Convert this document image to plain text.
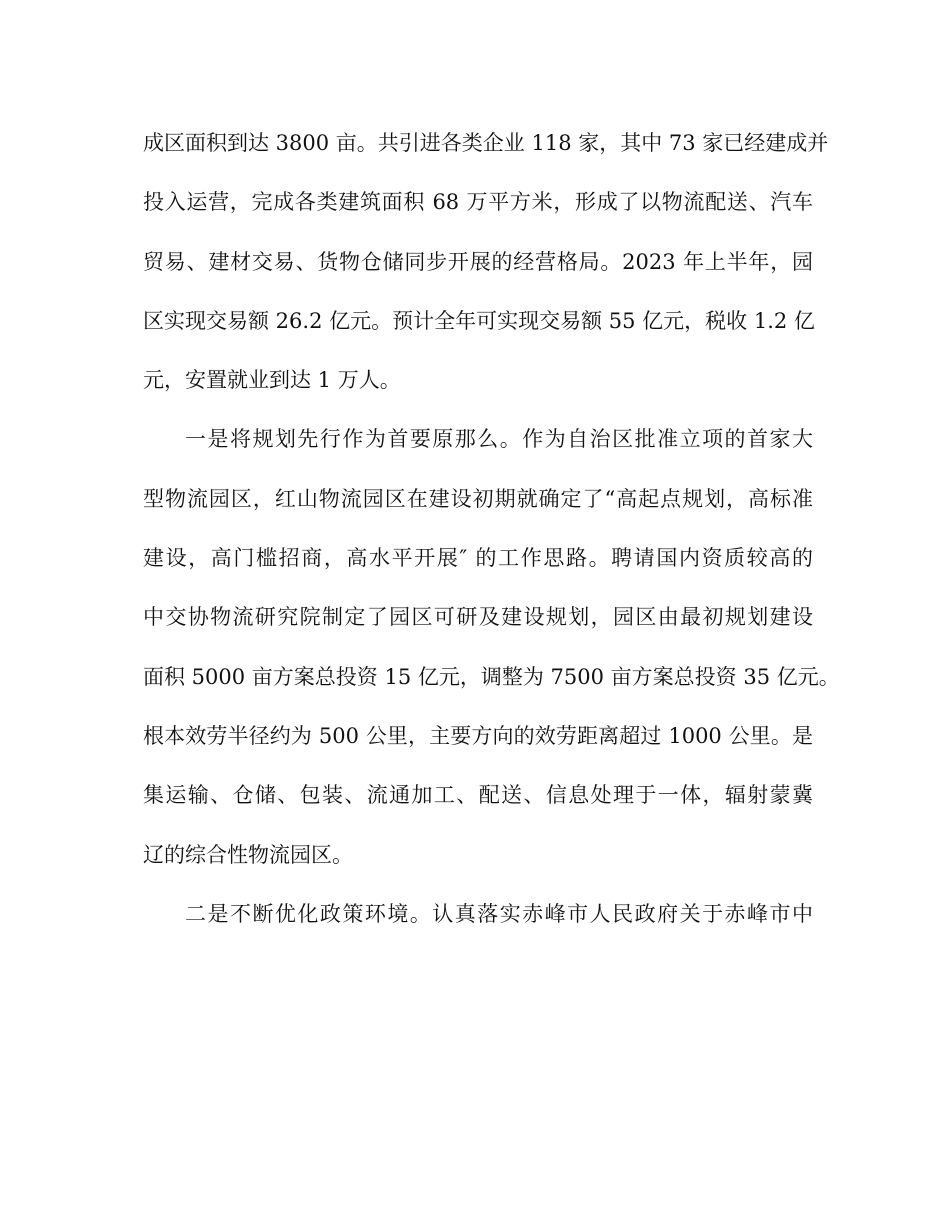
成区面积到达 3800 亩。共引进各类企业 118 家，其中 73 家已经建成并
投入运营，完成各类建筑面积 68 万平方米，形成了以物流配送、汽车
贸易、建材交易、货物仓储同步开展的经营格局。2023 年上半年，园
区实现交易额 26.2 亿元。预计全年可实现交易额 55 亿元，税收 1.2 亿
元，安置就业到达 1 万人。
一是将规划先行作为首要原那么。作为自治区批准立项的首家大
型物流园区，红山物流园区在建设初期就确定了“高起点规划，高标准
建设，高门槛招商，高水平开展″ 的工作思路。聘请国内资质较高的
中交协物流研究院制定了园区可研及建设规划，园区由最初规划建设
面积 5000 亩方案总投资 15 亿元，调整为 7500 亩方案总投资 35 亿元。
根本效劳半径约为 500 公里，主要方向的效劳距离超过 1000 公里。是
集运输、仓储、包装、流通加工、配送、信息处理于一体，辐射蒙冀
辽的综合性物流园区。
二是不断优化政策环境。认真落实赤峰市人民政府关于赤峰市中
